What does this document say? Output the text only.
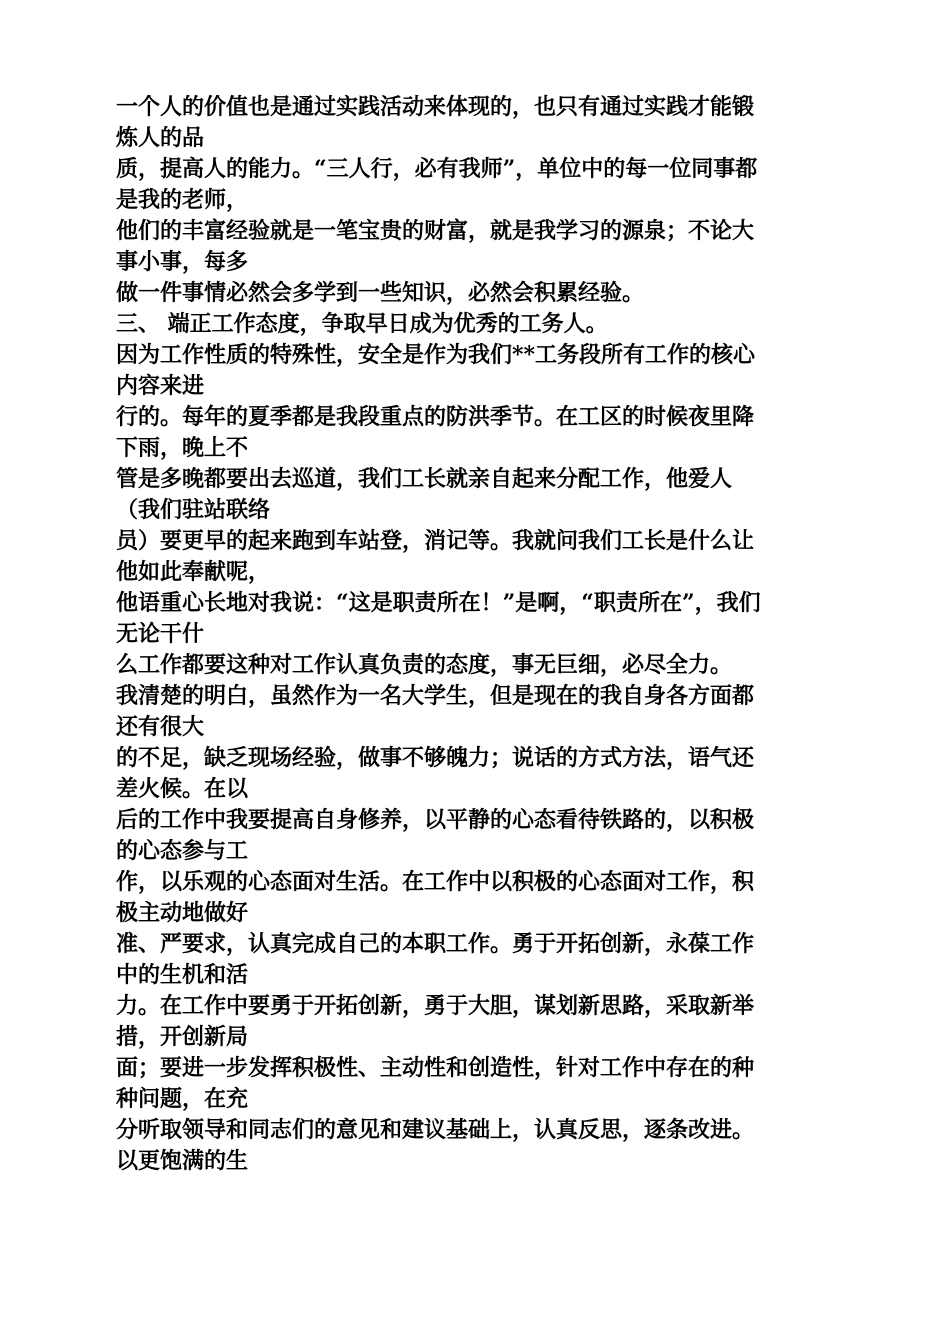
一个人的价值也是通过实践活动来体现的，也只有通过实践才能锻
炼人的品
质，提高人的能力。“三人行，必有我师”，单位中的每一位同事都
是我的老师，
他们的丰富经验就是一笔宝贵的财富，就是我学习的源泉；不论大
事小事，每多
做一件事情必然会多学到一些知识，必然会积累经验。
三、 端正工作态度，争取早日成为优秀的工务人。
因为工作性质的特殊性，安全是作为我们**工务段所有工作的核心
内容来进
行的。每年的夏季都是我段重点的防洪季节。在工区的时候夜里降
下雨，晚上不
管是多晚都要出去巡道，我们工长就亲自起来分配工作，他爱人
（我们驻站联络
员）要更早的起来跑到车站登，消记等。我就问我们工长是什么让
他如此奉献呢，
他语重心长地对我说：“这是职责所在！”是啊，“职责所在”，我们
无论干什
么工作都要这种对工作认真负责的态度，事无巨细，必尽全力。
我清楚的明白，虽然作为一名大学生，但是现在的我自身各方面都
还有很大
的不足，缺乏现场经验，做事不够魄力；说话的方式方法，语气还
差火候。在以
后的工作中我要提高自身修养，以平静的心态看待铁路的，以积极
的心态参与工
作，以乐观的心态面对生活。在工作中以积极的心态面对工作，积
极主动地做好
准、严要求，认真完成自己的本职工作。勇于开拓创新，永葆工作
中的生机和活
力。在工作中要勇于开拓创新，勇于大胆，谋划新思路，采取新举
措，开创新局
面；要进一步发挥积极性、主动性和创造性，针对工作中存在的种
种问题，在充
分听取领导和同志们的意见和建议基础上，认真反思，逐条改进。
以更饱满的生
